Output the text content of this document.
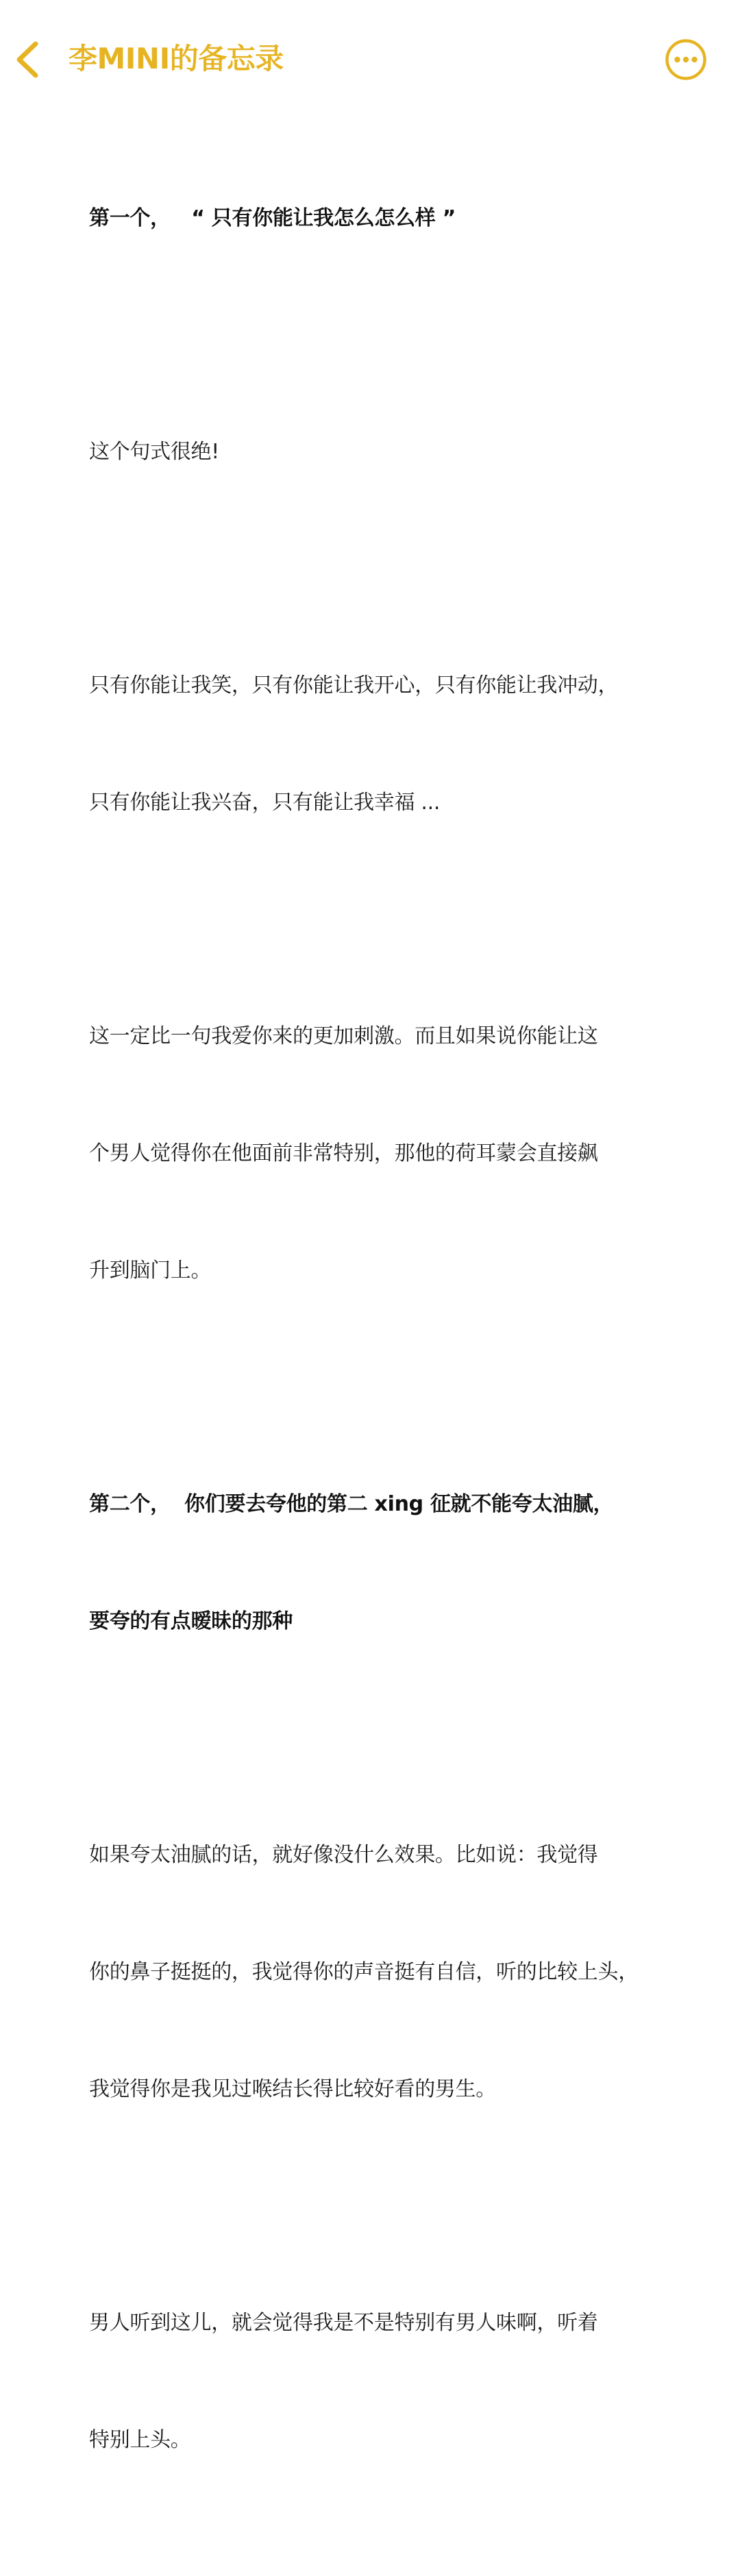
李MINI的备忘录

第一个，   “ 只有你能让我怎么怎么样 ”

这个句式很绝!

只有你能让我笑，只有你能让我开心，只有你能让我冲动，

只有你能让我兴奋，只有能让我幸福 ...

这一定比一句我爱你来的更加刺激。而且如果说你能让这

个男人觉得你在他面前非常特别，那他的荷耳蒙会直接飙

升到脑门上。

第二个，  你们要去夸他的第二 xing 征就不能夸太油腻，

要夸的有点暧昧的那种

如果夸太油腻的话，就好像没什么效果。比如说：我觉得

你的鼻子挺挺的，我觉得你的声音挺有自信，听的比较上头，

我觉得你是我见过喉结长得比较好看的男生。

男人听到这儿，就会觉得我是不是特别有男人味啊，听着

特别上头。
